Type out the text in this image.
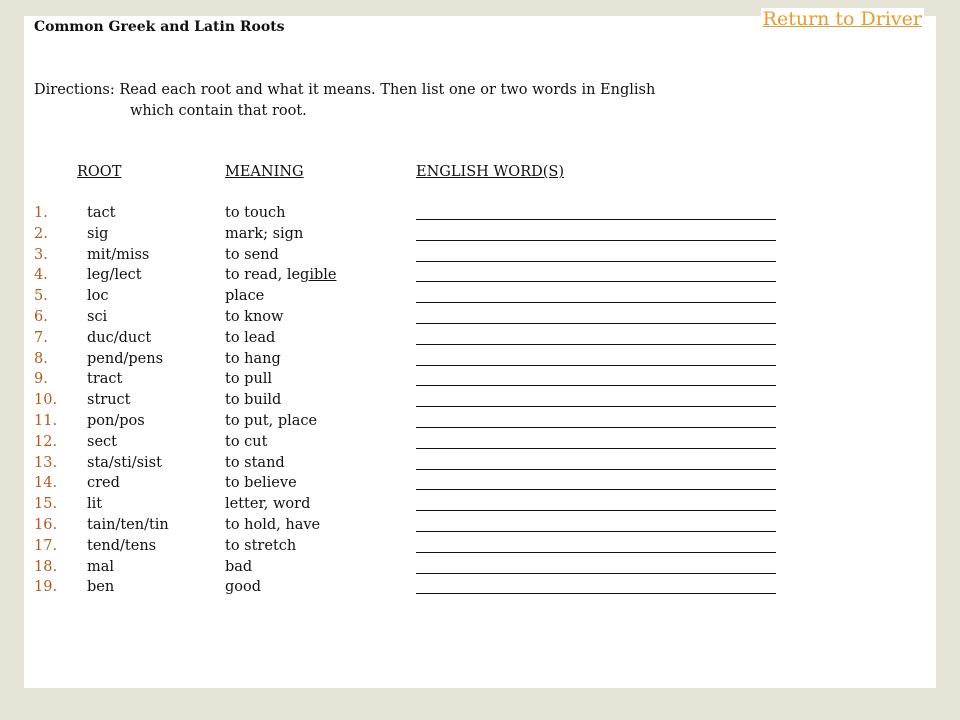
Common Greek and Latin Roots
Directions: Read each root and what it means. Then list one or two words in English
which contain that root.
ROOT	MEANING	ENGLISH WORD(S)
1.	tact	to touch
2.	sig	mark; sign
3.	mit/miss	to send
4.	leg/lect	to read, legible
5.	loc	place
6.	sci	to know
7.	duc/duct	to lead
8.	pend/pens	to hang
9.	tract	to pull
10. struct	to build
11. pon/pos	to put, place
12. sect	to cut
13. sta/sti/sist	to stand
14. cred	to believe
15. lit	letter, word
16. tain/ten/tin	to hold, have
17. tend/tens	to stretch
18. mal	bad
19. ben	good
Return to Driver
